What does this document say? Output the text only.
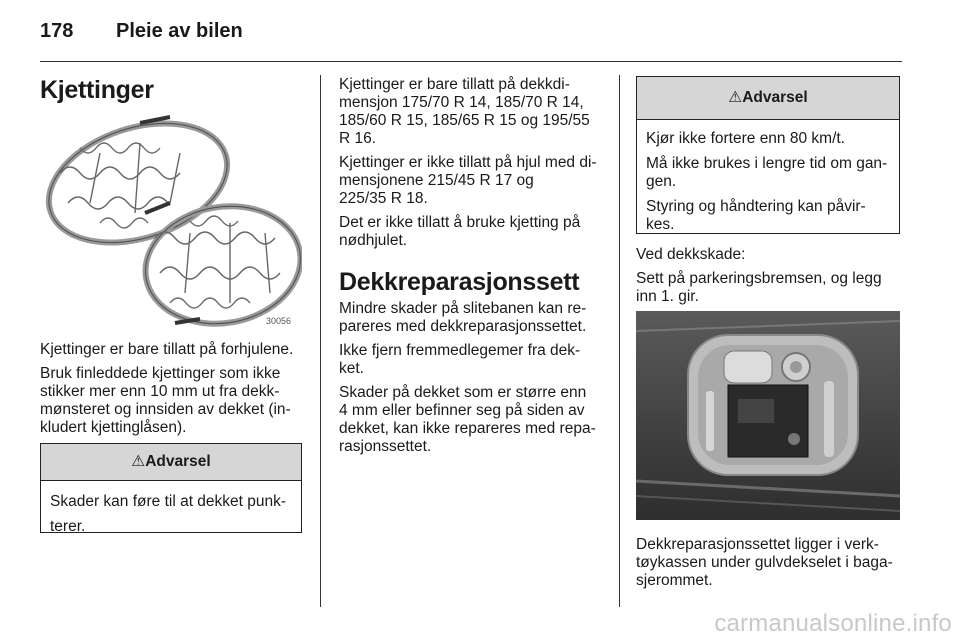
178 Pleie av bilen
Kjettinger
30056

Kjettinger er bare tillatt på forhjulene.

Bruk finleddede kjettinger som ikke

stikker mer enn 10 mm ut fra dekk-

mønsteret og innsiden av dekket (in-

kludert kjettinglåsen).

⚠Advarsel

Skader kan føre til at dekket punk-

terer.

Kjettinger er bare tillatt på dekkdi-

mensjon 175/70 R 14, 185/70 R 14,

185/60 R 15, 185/65 R 15 og 195/55

R 16.

Kjettinger er ikke tillatt på hjul med di-

mensjonene 215/45 R 17 og

225/35 R 18.

Det er ikke tillatt å bruke kjetting på

nødhjulet.

Dekkreparasjonssett

Mindre skader på slitebanen kan re-

pareres med dekkreparasjonssettet.

Ikke fjern fremmedlegemer fra dek-

ket.

Skader på dekket som er større enn

4 mm eller befinner seg på siden av

dekket, kan ikke repareres med repa-

rasjonssettet.

⚠Advarsel

Kjør ikke fortere enn 80 km/t.

Må ikke brukes i lengre tid om gan-

gen.

Styring og håndtering kan påvir-

kes.

Ved dekkskade:

Sett på parkeringsbremsen, og legg

inn 1. gir.

Dekkreparasjonssettet ligger i verk-

tøykassen under gulvdekselet i baga-

sjerommet.

carmanualsonline.info
